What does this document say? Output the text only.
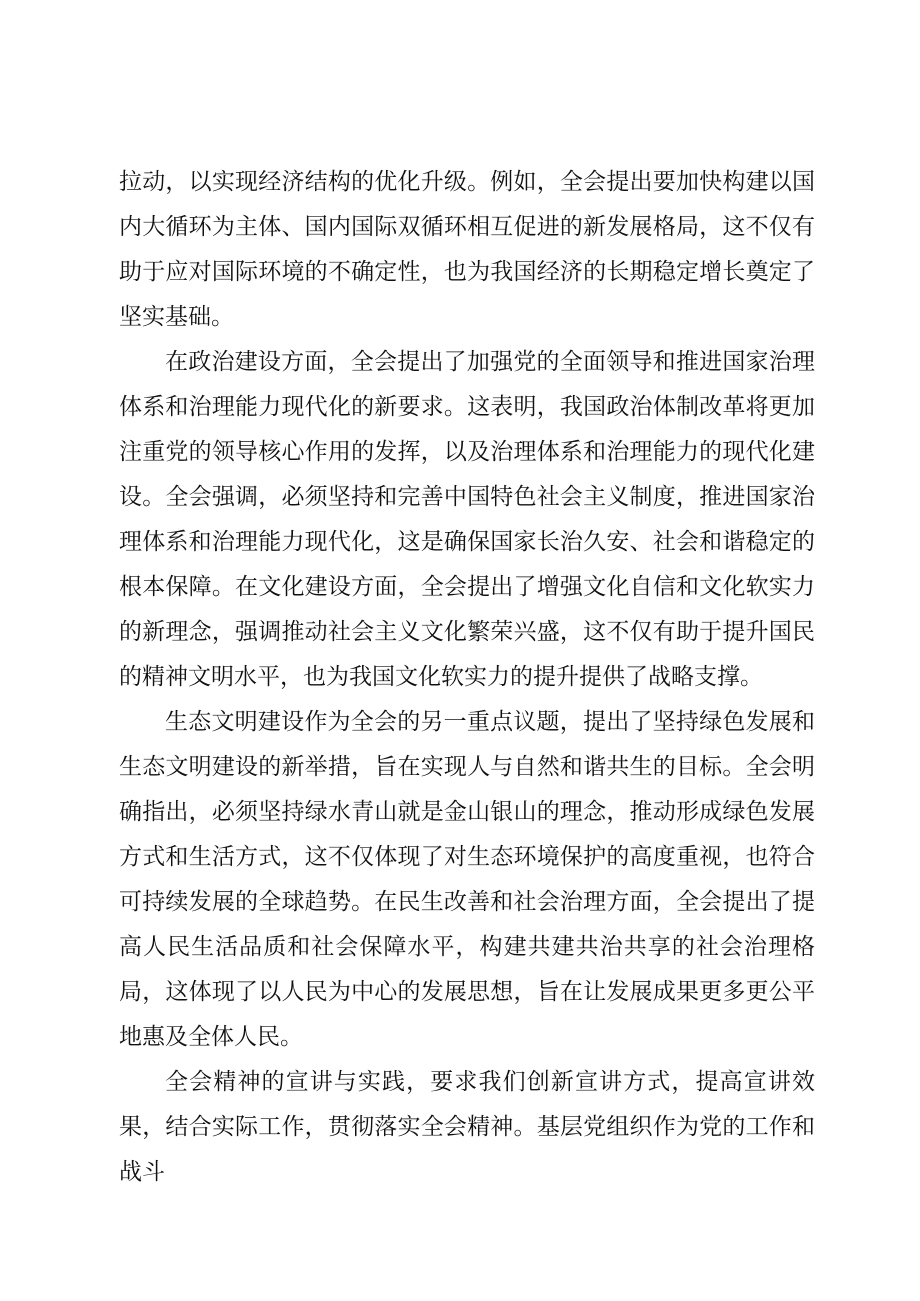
拉动，以实现经济结构的优化升级。例如，全会提出要加快构建以国内大循环为主体、国内国际双循环相互促进的新发展格局，这不仅有助于应对国际环境的不确定性，也为我国经济的长期稳定增长奠定了坚实基础。

在政治建设方面，全会提出了加强党的全面领导和推进国家治理体系和治理能力现代化的新要求。这表明，我国政治体制改革将更加注重党的领导核心作用的发挥，以及治理体系和治理能力的现代化建设。全会强调，必须坚持和完善中国特色社会主义制度，推进国家治理体系和治理能力现代化，这是确保国家长治久安、社会和谐稳定的根本保障。在文化建设方面，全会提出了增强文化自信和文化软实力的新理念，强调推动社会主义文化繁荣兴盛，这不仅有助于提升国民的精神文明水平，也为我国文化软实力的提升提供了战略支撑。

生态文明建设作为全会的另一重点议题，提出了坚持绿色发展和生态文明建设的新举措，旨在实现人与自然和谐共生的目标。全会明确指出，必须坚持绿水青山就是金山银山的理念，推动形成绿色发展方式和生活方式，这不仅体现了对生态环境保护的高度重视，也符合可持续发展的全球趋势。在民生改善和社会治理方面，全会提出了提高人民生活品质和社会保障水平，构建共建共治共享的社会治理格局，这体现了以人民为中心的发展思想，旨在让发展成果更多更公平地惠及全体人民。

全会精神的宣讲与实践，要求我们创新宣讲方式，提高宣讲效果，结合实际工作，贯彻落实全会精神。基层党组织作为党的工作和战斗
